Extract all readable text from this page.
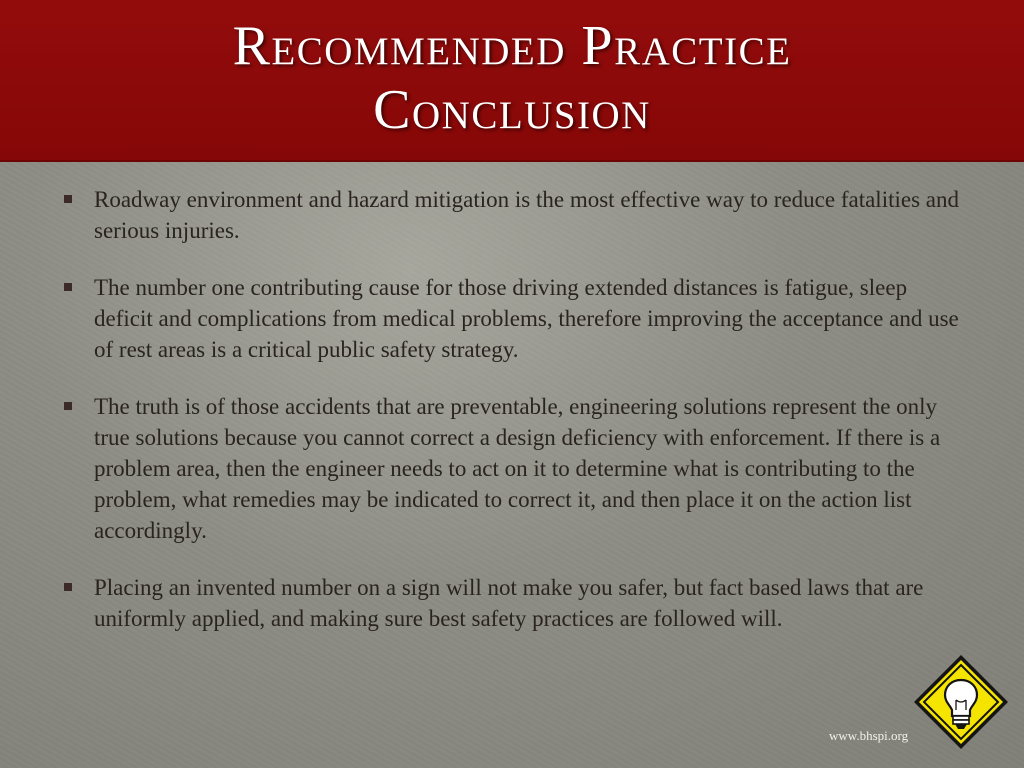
Recommended Practice
Conclusion
Roadway environment and hazard mitigation is the most effective way to reduce fatalities and serious injuries.
The number one contributing cause for those driving extended distances is fatigue, sleep deficit and complications from medical problems, therefore improving the acceptance and use of rest areas is a critical public safety strategy.
The truth is of those accidents that are preventable, engineering solutions represent the only true solutions because you cannot correct a design deficiency with enforcement. If there is a problem area, then the engineer needs to act on it to determine what is contributing to the problem, what remedies may be indicated to correct it, and then place it on the action list accordingly.
Placing an invented number on a sign will not make you safer, but fact based laws that are uniformly applied, and making sure best safety practices are followed will.
www.bhspi.org
